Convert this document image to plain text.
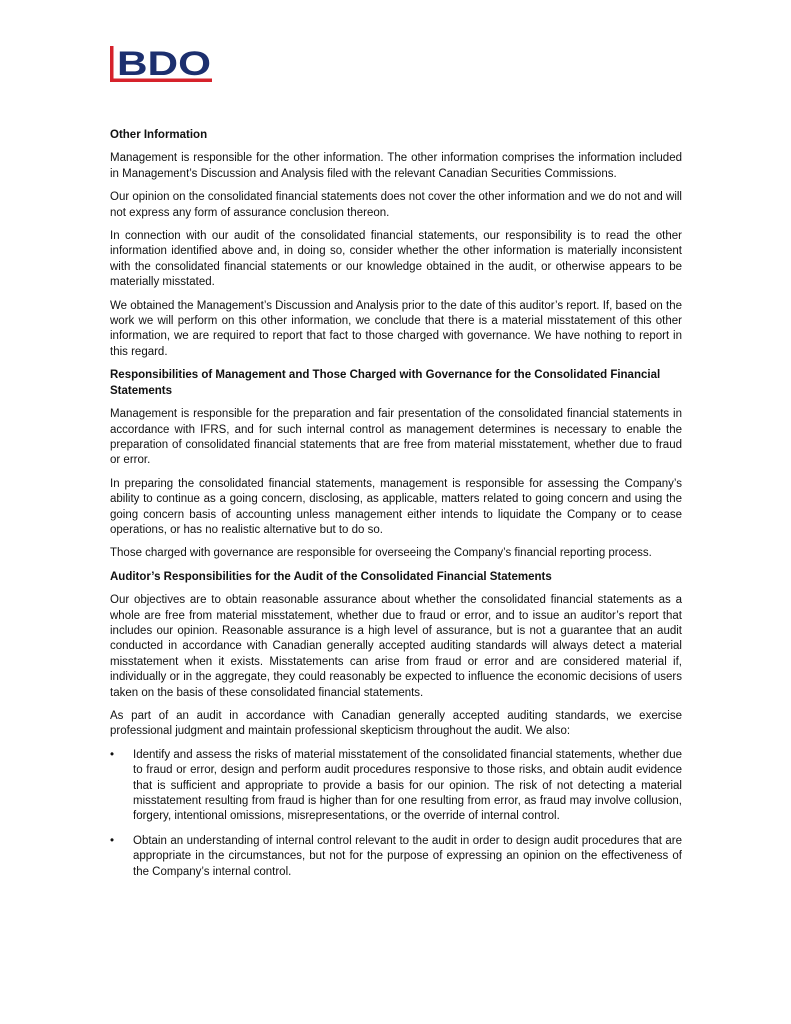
BDO

Other Information

Management is responsible for the other information. The other information comprises the information included in Management’s Discussion and Analysis filed with the relevant Canadian Securities Commissions.

Our opinion on the consolidated financial statements does not cover the other information and we do not and will not express any form of assurance conclusion thereon.

In connection with our audit of the consolidated financial statements, our responsibility is to read the other information identified above and, in doing so, consider whether the other information is materially inconsistent with the consolidated financial statements or our knowledge obtained in the audit, or otherwise appears to be materially misstated.

We obtained the Management’s Discussion and Analysis prior to the date of this auditor’s report. If, based on the work we will perform on this other information, we conclude that there is a material misstatement of this other information, we are required to report that fact to those charged with governance. We have nothing to report in this regard.

Responsibilities of Management and Those Charged with Governance for the Consolidated Financial Statements

Management is responsible for the preparation and fair presentation of the consolidated financial statements in accordance with IFRS, and for such internal control as management determines is necessary to enable the preparation of consolidated financial statements that are free from material misstatement, whether due to fraud or error.

In preparing the consolidated financial statements, management is responsible for assessing the Company’s ability to continue as a going concern, disclosing, as applicable, matters related to going concern and using the going concern basis of accounting unless management either intends to liquidate the Company or to cease operations, or has no realistic alternative but to do so.

Those charged with governance are responsible for overseeing the Company’s financial reporting process.

Auditor’s Responsibilities for the Audit of the Consolidated Financial Statements

Our objectives are to obtain reasonable assurance about whether the consolidated financial statements as a whole are free from material misstatement, whether due to fraud or error, and to issue an auditor’s report that includes our opinion. Reasonable assurance is a high level of assurance, but is not a guarantee that an audit conducted in accordance with Canadian generally accepted auditing standards will always detect a material misstatement when it exists. Misstatements can arise from fraud or error and are considered material if, individually or in the aggregate, they could reasonably be expected to influence the economic decisions of users taken on the basis of these consolidated financial statements.

As part of an audit in accordance with Canadian generally accepted auditing standards, we exercise professional judgment and maintain professional skepticism throughout the audit. We also:

• Identify and assess the risks of material misstatement of the consolidated financial statements, whether due to fraud or error, design and perform audit procedures responsive to those risks, and obtain audit evidence that is sufficient and appropriate to provide a basis for our opinion. The risk of not detecting a material misstatement resulting from fraud is higher than for one resulting from error, as fraud may involve collusion, forgery, intentional omissions, misrepresentations, or the override of internal control.
• Obtain an understanding of internal control relevant to the audit in order to design audit procedures that are appropriate in the circumstances, but not for the purpose of expressing an opinion on the effectiveness of the Company’s internal control.
